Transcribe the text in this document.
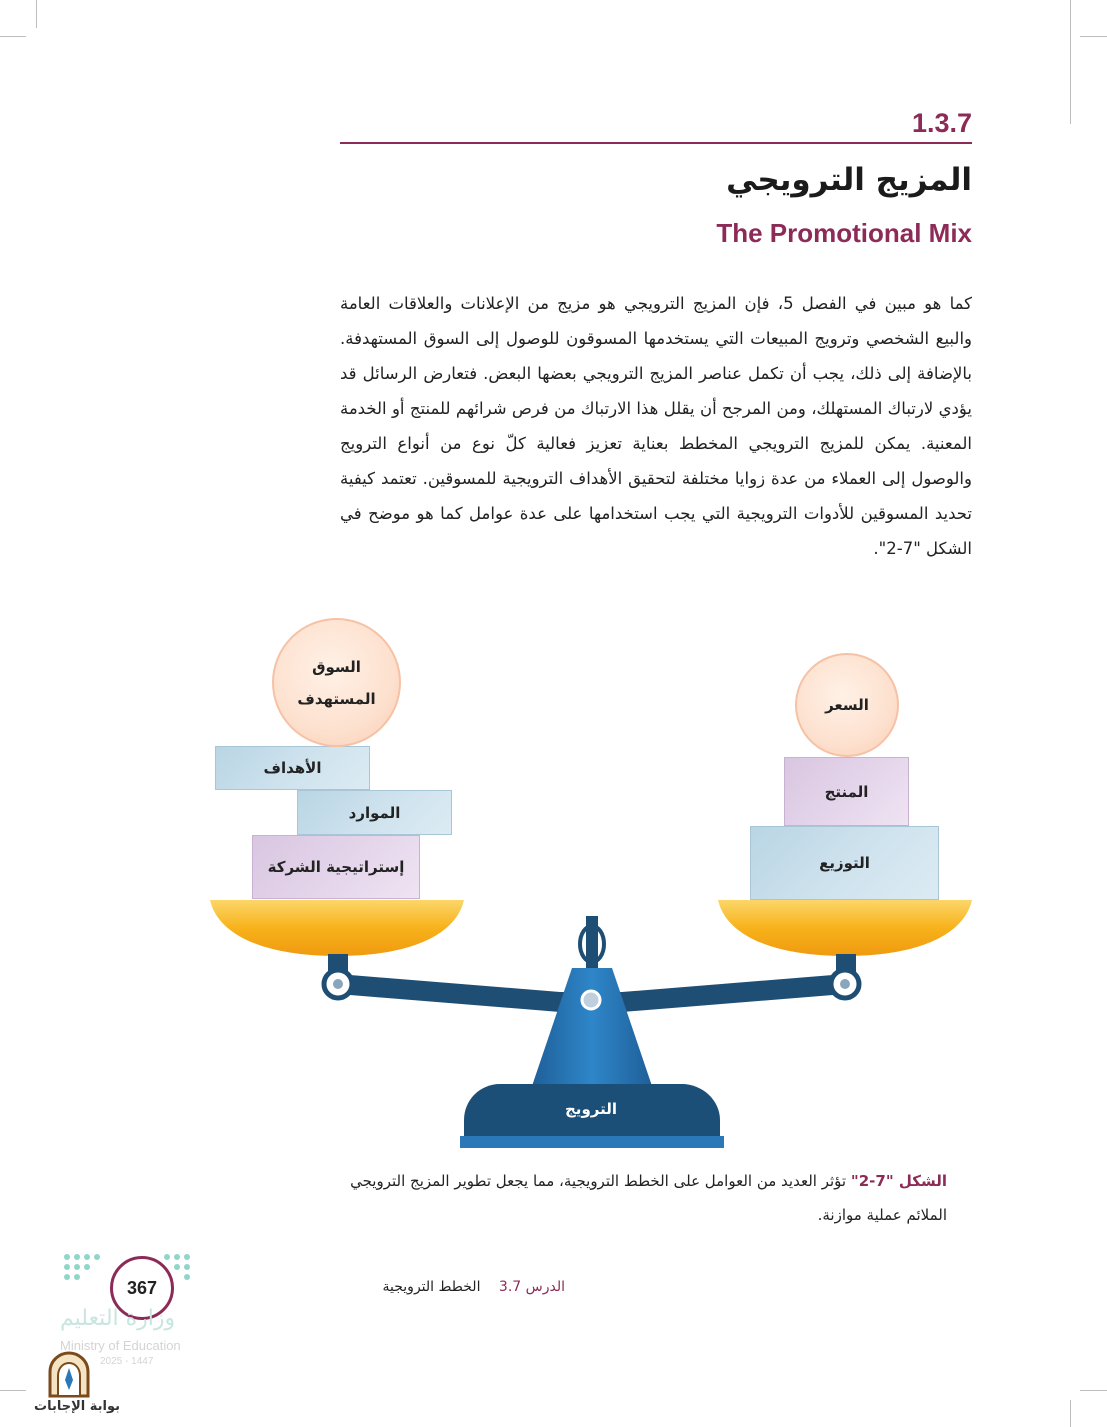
1.3.7
المزيج الترويجي
The Promotional Mix

كما هو مبين في الفصل 5، فإن المزيج الترويجي هو مزيج من الإعلانات والعلاقات العامة والبيع الشخصي وترويج المبيعات التي يستخدمها المسوقون للوصول إلى السوق المستهدفة. بالإضافة إلى ذلك، يجب أن تكمل عناصر المزيج الترويجي بعضها البعض. فتعارض الرسائل قد يؤدي لارتباك المستهلك، ومن المرجح أن يقلل هذا الارتباك من فرص شرائهم للمنتج أو الخدمة المعنية. يمكن للمزيج الترويجي المخطط بعناية تعزيز فعالية كلّ نوع من أنواع الترويج والوصول إلى العملاء من عدة زوايا مختلفة لتحقيق الأهداف الترويجية للمسوقين. تعتمد كيفية تحديد المسوقين للأدوات الترويجية التي يجب استخدامها على عدة عوامل كما هو موضح في الشكل "7-2".

إستراتيجية الشركة
الموارد
الأهداف
السوق
المستهدف
التوزيع
المنتج
السعر
الترويج

الشكل "7-2" تؤثر العديد من العوامل على الخطط الترويجية، مما يجعل تطوير المزيج الترويجي الملائم عملية موازنة.

الدرس 3.7 الخطط الترويجية
367
وزارة التعليم
Ministry of Education
2025 - 1447
بوابة الإجابات
